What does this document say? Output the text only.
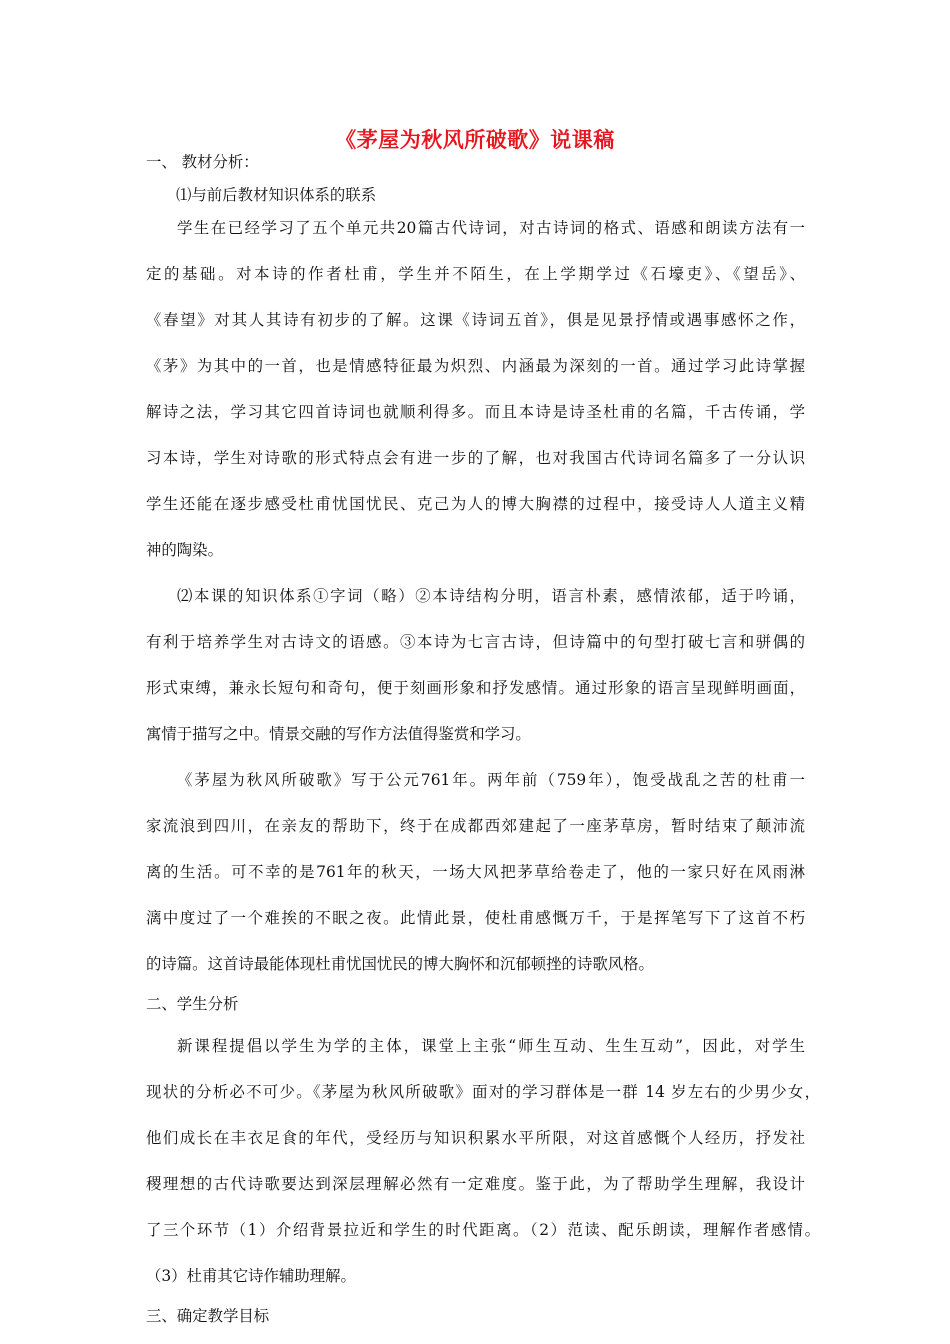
《茅屋为秋风所破歌》说课稿
一、 教材分析：
⑴与前后教材知识体系的联系
学生在已经学习了五个单元共20篇古代诗词，对古诗词的格式、语感和朗读方法有一
定的基础。对本诗的作者杜甫，学生并不陌生，在上学期学过《石壕吏》、《望岳》、
《春望》对其人其诗有初步的了解。这课《诗词五首》，俱是见景抒情或遇事感怀之作，
《茅》为其中的一首，也是情感特征最为炽烈、内涵最为深刻的一首。通过学习此诗掌握
解诗之法，学习其它四首诗词也就顺利得多。而且本诗是诗圣杜甫的名篇，千古传诵，学
习本诗，学生对诗歌的形式特点会有进一步的了解，也对我国古代诗词名篇多了一分认识
学生还能在逐步感受杜甫忧国忧民、克己为人的博大胸襟的过程中，接受诗人人道主义精
神的陶染。
⑵本课的知识体系①字词（略）②本诗结构分明，语言朴素，感情浓郁，适于吟诵，
有利于培养学生对古诗文的语感。③本诗为七言古诗，但诗篇中的句型打破七言和骈偶的
形式束缚，兼永长短句和奇句，便于刻画形象和抒发感情。通过形象的语言呈现鲜明画面，
寓情于描写之中。情景交融的写作方法值得鉴赏和学习。
《茅屋为秋风所破歌》写于公元761年。两年前（759年），饱受战乱之苦的杜甫一
家流浪到四川，在亲友的帮助下，终于在成都西郊建起了一座茅草房，暂时结束了颠沛流
离的生活。可不幸的是761年的秋天，一场大风把茅草给卷走了，他的一家只好在风雨淋
漓中度过了一个难挨的不眠之夜。此情此景，使杜甫感慨万千，于是挥笔写下了这首不朽
的诗篇。这首诗最能体现杜甫忧国忧民的博大胸怀和沉郁顿挫的诗歌风格。
二、学生分析
新课程提倡以学生为学的主体，课堂上主张“师生互动、生生互动”，因此，对学生
现状的分析必不可少。《茅屋为秋风所破歌》面对的学习群体是一群 14 岁左右的少男少女，
他们成长在丰衣足食的年代，受经历与知识积累水平所限，对这首感慨个人经历，抒发社
稷理想的古代诗歌要达到深层理解必然有一定难度。鉴于此，为了帮助学生理解，我设计
了三个环节（1）介绍背景拉近和学生的时代距离。（2）范读、配乐朗读，理解作者感情。
（3）杜甫其它诗作辅助理解。
三、确定教学目标
